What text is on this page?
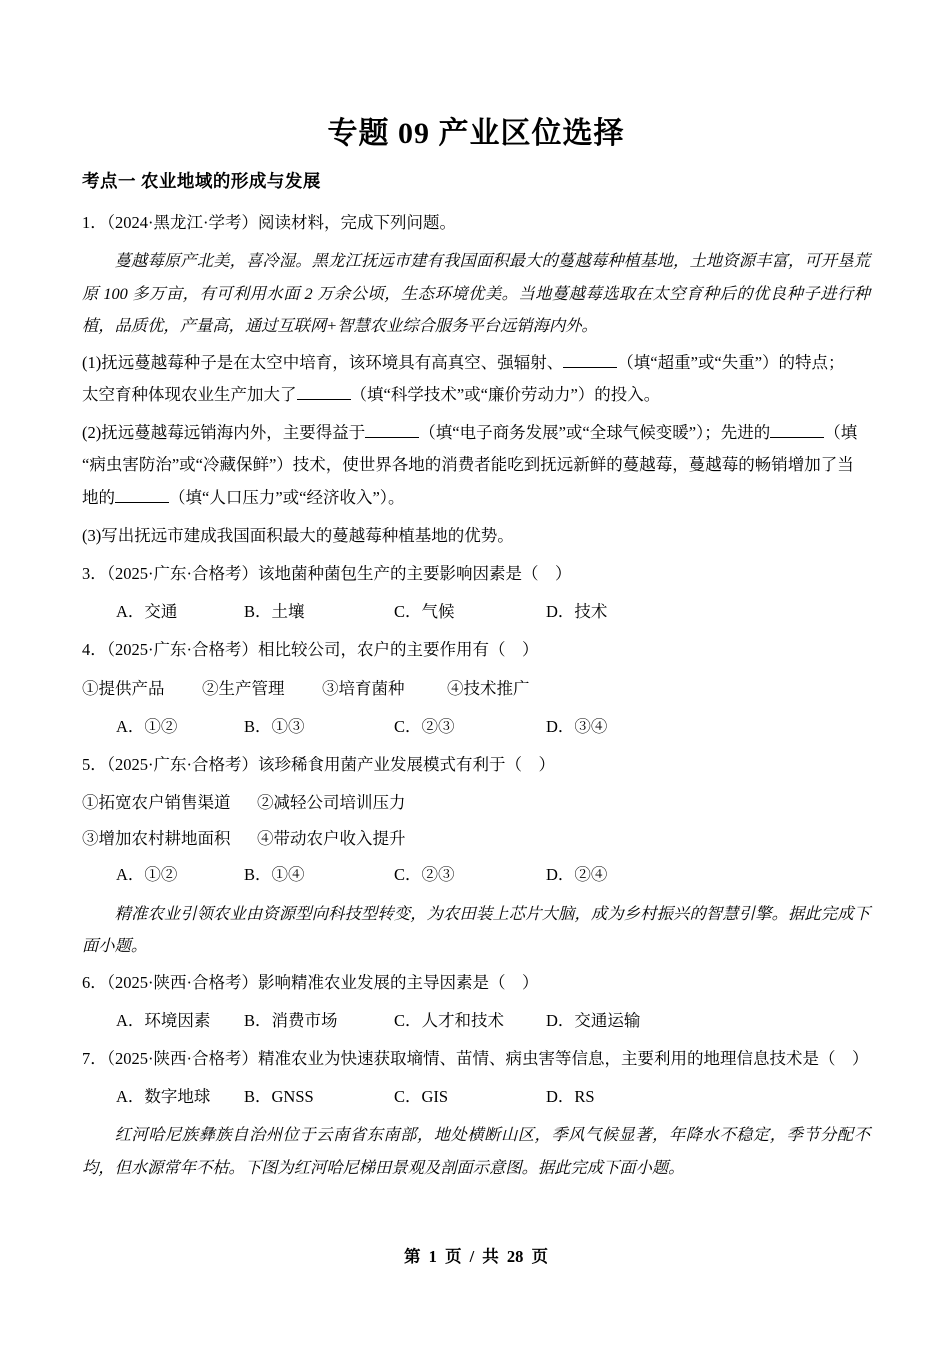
专题 09 产业区位选择
考点一 农业地域的形成与发展
1．（2024·黑龙江·学考）阅读材料，完成下列问题。
蔓越莓原产北美，喜冷湿。黑龙江抚远市建有我国面积最大的蔓越莓种植基地，土地资源丰富，可开垦荒原 100 多万亩，有可利用水面 2 万余公顷，生态环境优美。当地蔓越莓选取在太空育种后的优良种子进行种植，品质优，产量高，通过互联网+智慧农业综合服务平台远销海内外。
(1)抚远蔓越莓种子是在太空中培育，该环境具有高真空、强辐射、	（填“超重”或“失重”）的特点；
太空育种体现农业生产加大了	（填“科学技术”或“廉价劳动力”）的投入。
(2)抚远蔓越莓远销海内外，主要得益于	（填“电子商务发展”或“全球气候变暖”）；先进的	（填
“病虫害防治”或“冷藏保鲜”）技术，使世界各地的消费者能吃到抚远新鲜的蔓越莓，蔓越莓的畅销增加了当
地的	（填“人口压力”或“经济收入”）。
(3)写出抚远市建成我国面积最大的蔓越莓种植基地的优势。
3．（2025·广东·合格考）该地菌种菌包生产的主要影响因素是（　）
A．交通	B．土壤	C．气候	D．技术
4．（2025·广东·合格考）相比较公司，农户的主要作用有（　）
①提供产品	②生产管理	③培育菌种	④技术推广
A．①②	B．①③	C．②③	D．③④
5．（2025·广东·合格考）该珍稀食用菌产业发展模式有利于（　）
①拓宽农户销售渠道	②减轻公司培训压力
③增加农村耕地面积	④带动农户收入提升
A．①②	B．①④	C．②③	D．②④
精准农业引领农业由资源型向科技型转变，为农田装上芯片大脑，成为乡村振兴的智慧引擎。据此完成下面小题。
6．（2025·陕西·合格考）影响精准农业发展的主导因素是（　）
A．环境因素	B．消费市场	C．人才和技术	D．交通运输
7．（2025·陕西·合格考）精准农业为快速获取墒情、苗情、病虫害等信息，主要利用的地理信息技术是（　）
A．数字地球	B．GNSS	C．GIS	D．RS
红河哈尼族彝族自治州位于云南省东南部，地处横断山区，季风气候显著，年降水不稳定，季节分配不均，但水源常年不枯。下图为红河哈尼梯田景观及剖面示意图。据此完成下面小题。
第 1 页 / 共 28 页
